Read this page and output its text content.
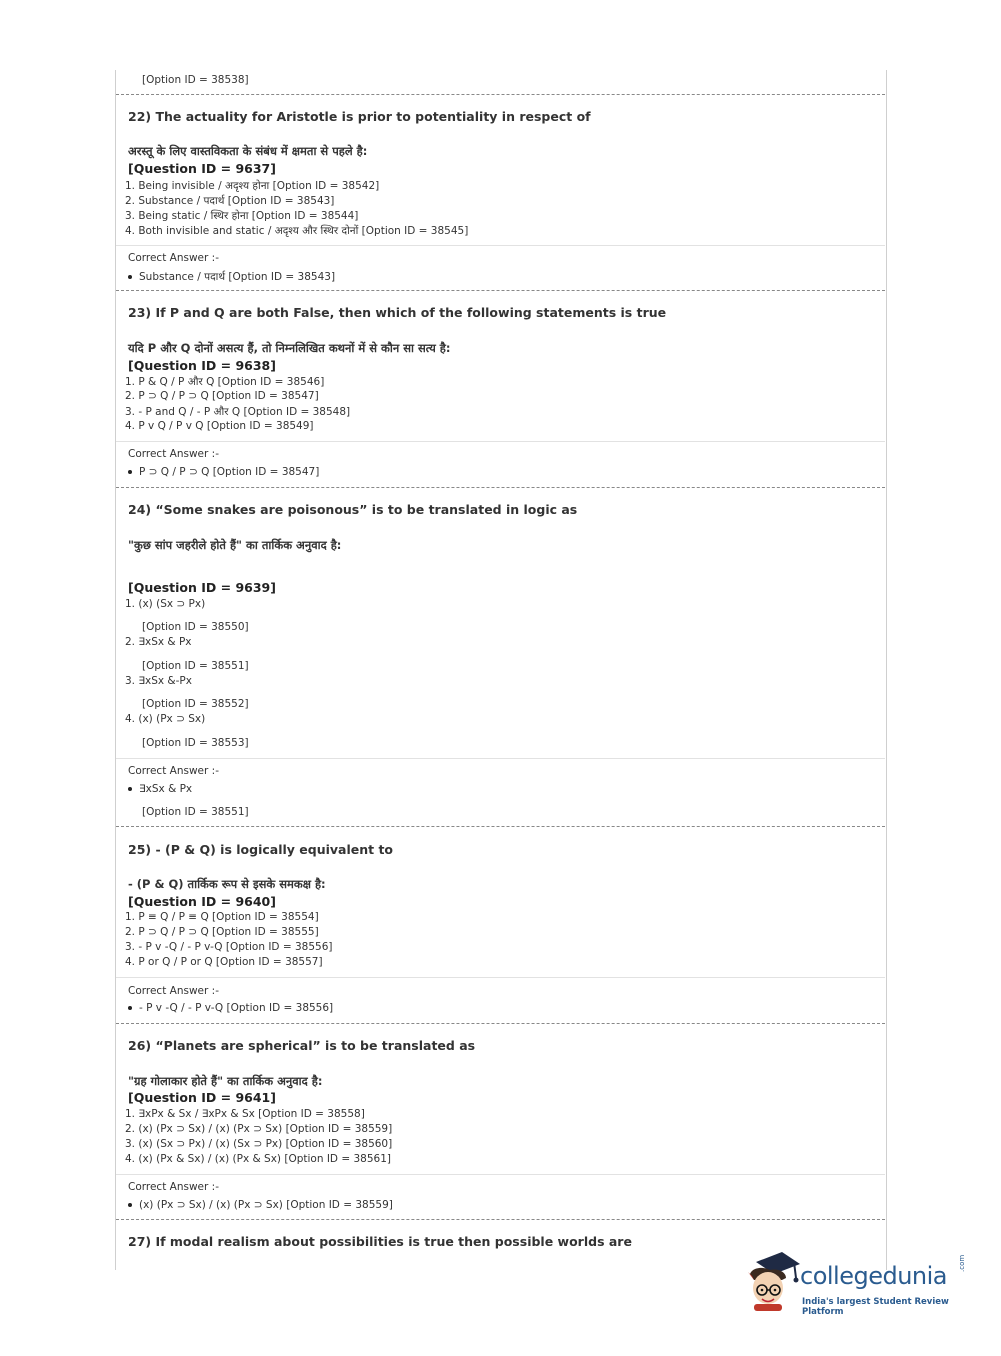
[Option ID = 38538]
22) The actuality for Aristotle is prior to potentiality in respect of
अरस्तू के लिए वास्तविकता के संबंध में क्षमता से पहले है:
[Question ID = 9637]
1. Being invisible / अदृश्य होना [Option ID = 38542]
2. Substance / पदार्थ [Option ID = 38543]
3. Being static / स्थिर होना [Option ID = 38544]
4. Both invisible and static / अदृश्य और स्थिर दोनों [Option ID = 38545]
Correct Answer :-
Substance / पदार्थ [Option ID = 38543]
23) If P and Q are both False, then which of the following statements is true
यदि P और Q दोनों असत्य हैं, तो निम्नलिखित कथनों में से कौन सा सत्य है:
[Question ID = 9638]
1. P & Q / P और Q [Option ID = 38546]
2. P ⊃ Q / P ⊃ Q [Option ID = 38547]
3. - P and Q / - P और Q [Option ID = 38548]
4. P v Q / P v Q [Option ID = 38549]
Correct Answer :-
P ⊃ Q / P ⊃ Q [Option ID = 38547]
24) “Some snakes are poisonous” is to be translated in logic as
"कुछ सांप जहरीले होते हैं" का तार्किक अनुवाद है:
[Question ID = 9639]
1. (x) (Sx ⊃ Px)
[Option ID = 38550]
2. ∃xSx & Px
[Option ID = 38551]
3. ∃xSx &-Px
[Option ID = 38552]
4. (x) (Px ⊃ Sx)
[Option ID = 38553]
Correct Answer :-
∃xSx & Px
[Option ID = 38551]
25) - (P & Q) is logically equivalent to
- (P & Q) तार्किक रूप से इसके समकक्ष है:
[Question ID = 9640]
1. P ≡ Q / P ≡ Q [Option ID = 38554]
2. P ⊃ Q / P ⊃ Q [Option ID = 38555]
3. - P v -Q / - P v-Q [Option ID = 38556]
4. P or Q / P or Q [Option ID = 38557]
Correct Answer :-
- P v -Q / - P v-Q [Option ID = 38556]
26) “Planets are spherical” is to be translated as
"ग्रह गोलाकार होते हैं" का तार्किक अनुवाद है:
[Question ID = 9641]
1. ∃xPx & Sx / ∃xPx & Sx [Option ID = 38558]
2. (x) (Px ⊃ Sx) / (x) (Px ⊃ Sx) [Option ID = 38559]
3. (x) (Sx ⊃ Px) / (x) (Sx ⊃ Px) [Option ID = 38560]
4. (x) (Px & Sx) / (x) (Px & Sx) [Option ID = 38561]
Correct Answer :-
(x) (Px ⊃ Sx) / (x) (Px ⊃ Sx) [Option ID = 38559]
27) If modal realism about possibilities is true then possible worlds are
collegedunia .com
India's largest Student Review Platform
